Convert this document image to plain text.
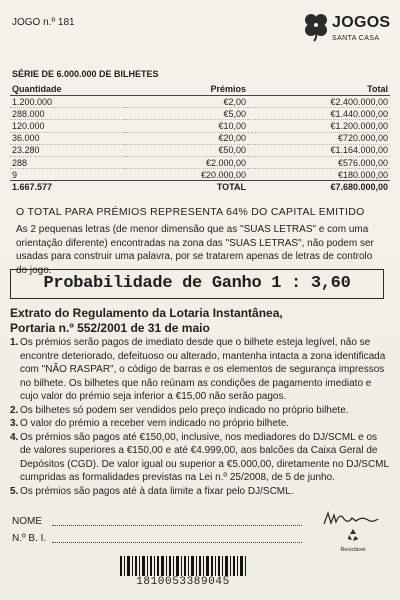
JOGO n.º 181	JOGOS
SANTA CASA
SÉRIE DE 6.000.000 DE BILHETES
Quantidade	Prémios	Total
1.200.000	€2,00	€2.400.000,00
288.000	€5,00	€1.440.000,00
120.000	€10,00	€1.200.000,00
36.000	€20,00	€720.000,00
23.280	€50,00	€1.164.000,00
288	€2.000,00	€576.000,00
9	€20.000,00	€180.000,00
1.667.577	TOTAL	€7.680.000,00
O TOTAL PARA PRÉMIOS REPRESENTA 64% DO CAPITAL EMITIDO
As 2 pequenas letras (de menor dimensão que as "SUAS LETRAS" e com uma orientação diferente) encontradas na zona das "SUAS LETRAS", não podem ser usadas para construir uma palavra, por se tratarem apenas de letras de controlo do jogo.
Probabilidade de Ganho 1 : 3,60
Extrato do Regulamento da Lotaria Instantânea,
Portaria n.º 552/2001 de 31 de maio
1. Os prémios serão pagos de imediato desde que o bilhete esteja legível, não se encontre deteriorado, defeituoso ou alterado, mantenha intacta a zona identificada com "NÃO RASPAR", o código de barras e os elementos de segurança impressos no bilhete. Os bilhetes que não reúnam as condições de pagamento imediato e cujo valor do prémio seja inferior a €15,00 não serão pagos.
2. Os bilhetes só podem ser vendidos pelo preço indicado no próprio bilhete.
3. O valor do prémio a receber vem indicado no próprio bilhete.
4. Os prémios são pagos até €150,00, inclusive, nos mediadores do DJ/SCML e os de valores superiores a €150,00 e até €4.999,00, aos balcões da Caixa Geral de Depósitos (CGD). De valor igual ou superior a €5.000,00, diretamente no DJ/SCML cumpridas as formalidades previstas na Lei n.º 25/2008, de 5 de junho.
5. Os prémios são pagos até à data limite a fixar pelo DJ/SCML.
NOME
N.º B. I.
Reciclável
1810053389045
